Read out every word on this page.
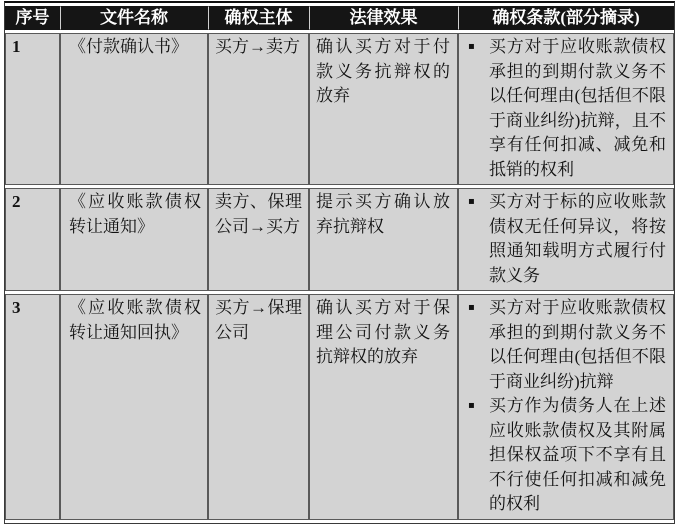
序号	文件名称	确权主体	法律效果	确权条款(部分摘录)
1	《付款确认书》	买方→卖方	确认买方对于付款义务抗辩权的放弃	▪ 买方对于应收账款债权承担的到期付款义务不以任何理由(包括但不限于商业纠纷)抗辩，且不享有任何扣减、减免和抵销的权利

2	《应收账款债权转让通知》	卖方、保理公司→买方	提示买方确认放弃抗辩权	▪ 买方对于标的应收账款债权无任何异议，将按照通知载明方式履行付款义务

3	《应收账款债权转让通知回执》	买方→保理公司	确认买方对于保理公司付款义务抗辩权的放弃	▪ 买方对于应收账款债权承担的到期付款义务不以任何理由(包括但不限于商业纠纷)抗辩
▪ 买方作为债务人在上述应收账款债权及其附属担保权益项下不享有且不行使任何扣减和减免的权利
